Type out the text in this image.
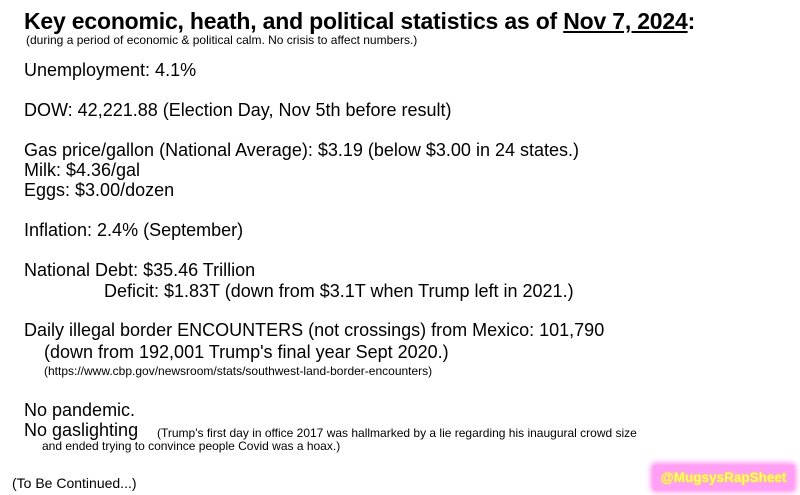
Key economic, heath, and political statistics as of Nov 7, 2024:
(during a period of economic & political calm. No crisis to affect numbers.)
Unemployment: 4.1%
DOW: 42,221.88 (Election Day, Nov 5th before result)
Gas price/gallon (National Average): $3.19 (below $3.00 in 24 states.)
Milk: $4.36/gal
Eggs: $3.00/dozen
Inflation: 2.4% (September)
National Debt: $35.46 Trillion
Deficit: $1.83T (down from $3.1T when Trump left in 2021.)
Daily illegal border ENCOUNTERS (not crossings) from Mexico: 101,790
(down from 192,001 Trump's final year Sept 2020.)
(https://www.cbp.gov/newsroom/stats/southwest-land-border-encounters)
No pandemic.
No gaslighting (Trump's first day in office 2017 was hallmarked by a lie regarding his inaugural crowd size
and ended trying to convince people Covid was a hoax.)
(To Be Continued...)	@MugsysRapSheet
